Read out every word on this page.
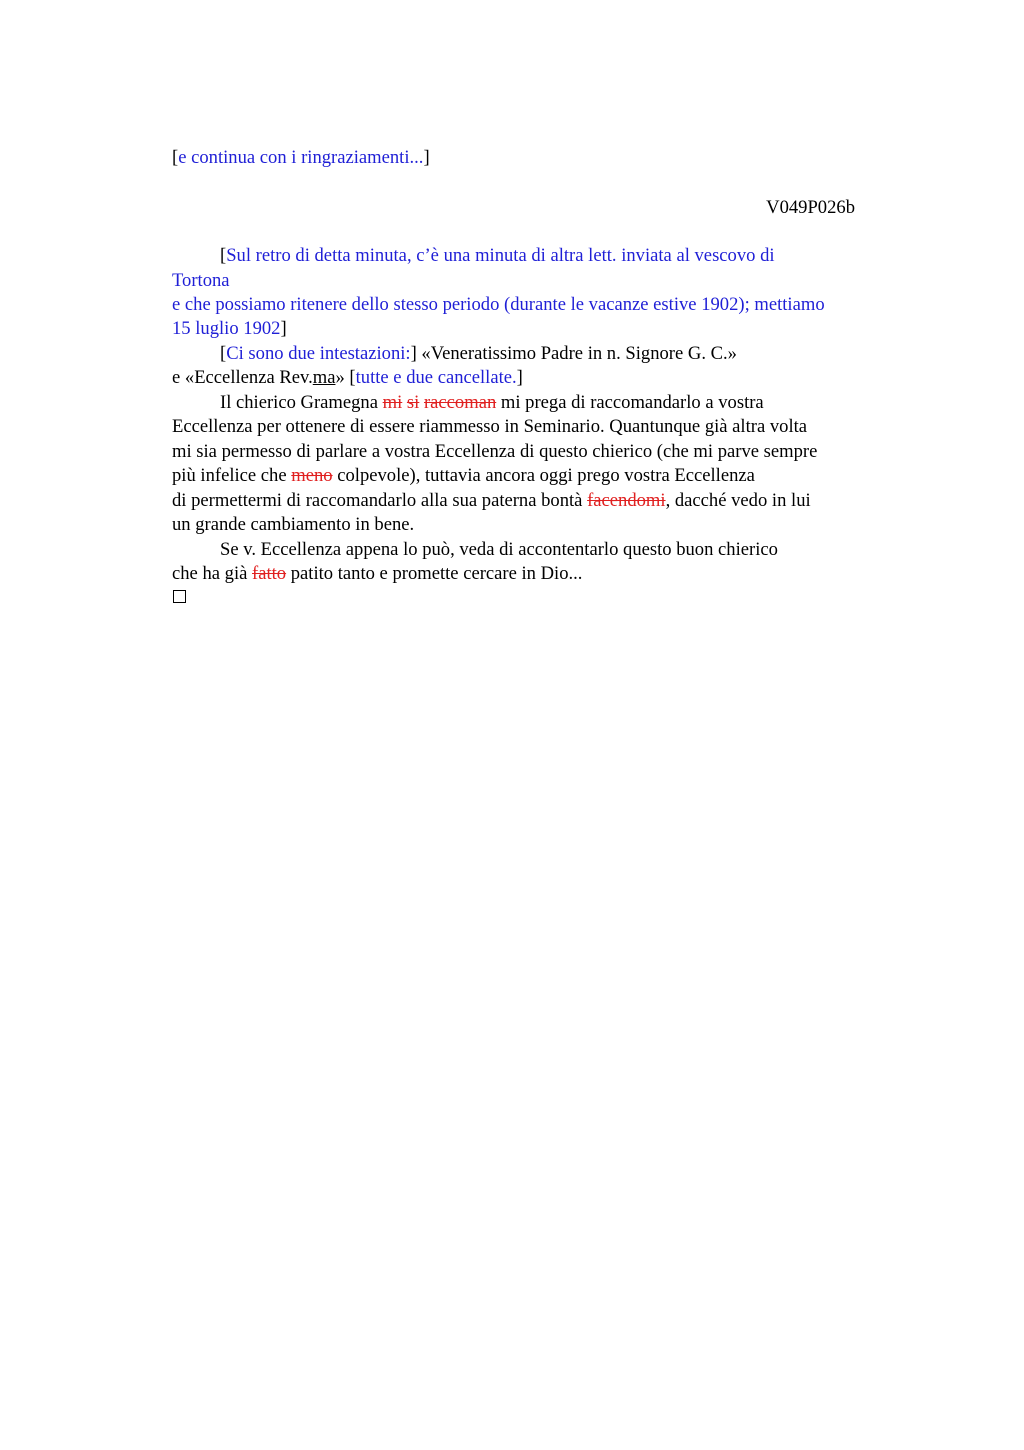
[e continua con i ringraziamenti...]
V049P026b
[Sul retro di detta minuta, c’è una minuta di altra lett. inviata al vescovo di
Tortona
e che possiamo ritenere dello stesso periodo (durante le vacanze estive 1902); mettiamo
15 luglio 1902]
[Ci sono due intestazioni:] «Veneratissimo Padre in n. Signore G. C.»
e «Eccellenza Rev.ma» [tutte e due cancellate.]
Il chierico Gramegna mi si raccoman mi prega di raccomandarlo a vostra
Eccellenza per ottenere di essere riammesso in Seminario. Quantunque già altra volta
mi sia permesso di parlare a vostra Eccellenza di questo chierico (che mi parve sempre
più infelice che meno colpevole), tuttavia ancora oggi prego vostra Eccellenza
di permettermi di raccomandarlo alla sua paterna bontà facendomi, dacché vedo in lui
un grande cambiamento in bene.
Se v. Eccellenza appena lo può, veda di accontentarlo questo buon chierico
che ha già fatto patito tanto e promette cercare in Dio...
